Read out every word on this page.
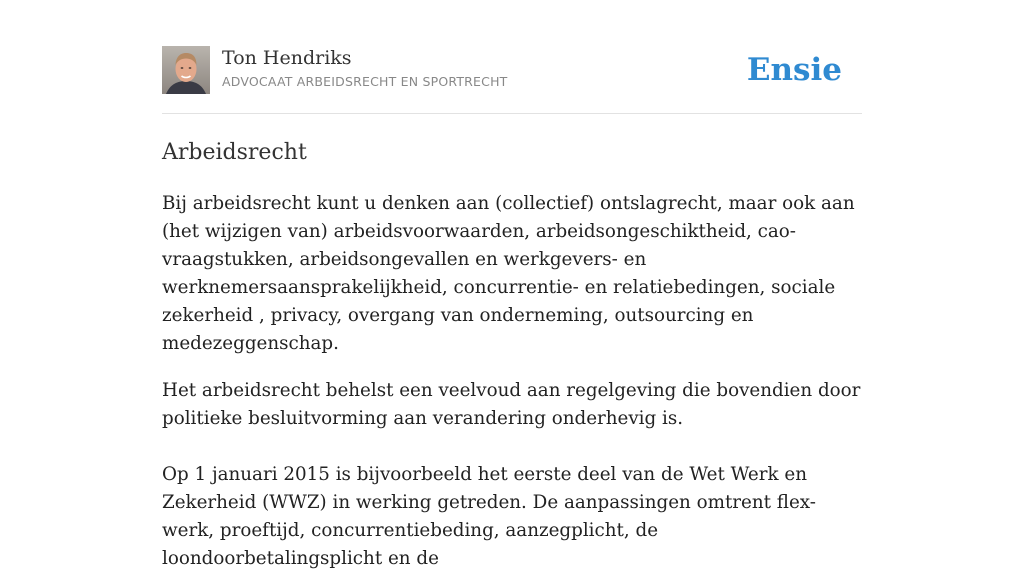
Ton Hendriks
ADVOCAAT ARBEIDSRECHT EN SPORTRECHT	Ensie
Arbeidsrecht

Bij arbeidsrecht kunt u denken aan (collectief) ontslagrecht, maar ook aan (het wijzigen van) arbeidsvoorwaarden, arbeidsongeschiktheid, cao-vraagstukken, arbeidsongevallen en werkgevers- en werknemersaansprakelijkheid, concurrentie- en relatiebedingen, sociale zekerheid , privacy, overgang van onderneming, outsourcing en medezeggenschap.

Het arbeidsrecht behelst een veelvoud aan regelgeving die bovendien door politieke besluitvorming aan verandering onderhevig is.

Op 1 januari 2015 is bijvoorbeeld het eerste deel van de Wet Werk en Zekerheid (WWZ) in werking getreden. De aanpassingen omtrent flex-werk, proeftijd, concurrentiebeding, aanzegplicht, de loondoorbetalingsplicht en de
